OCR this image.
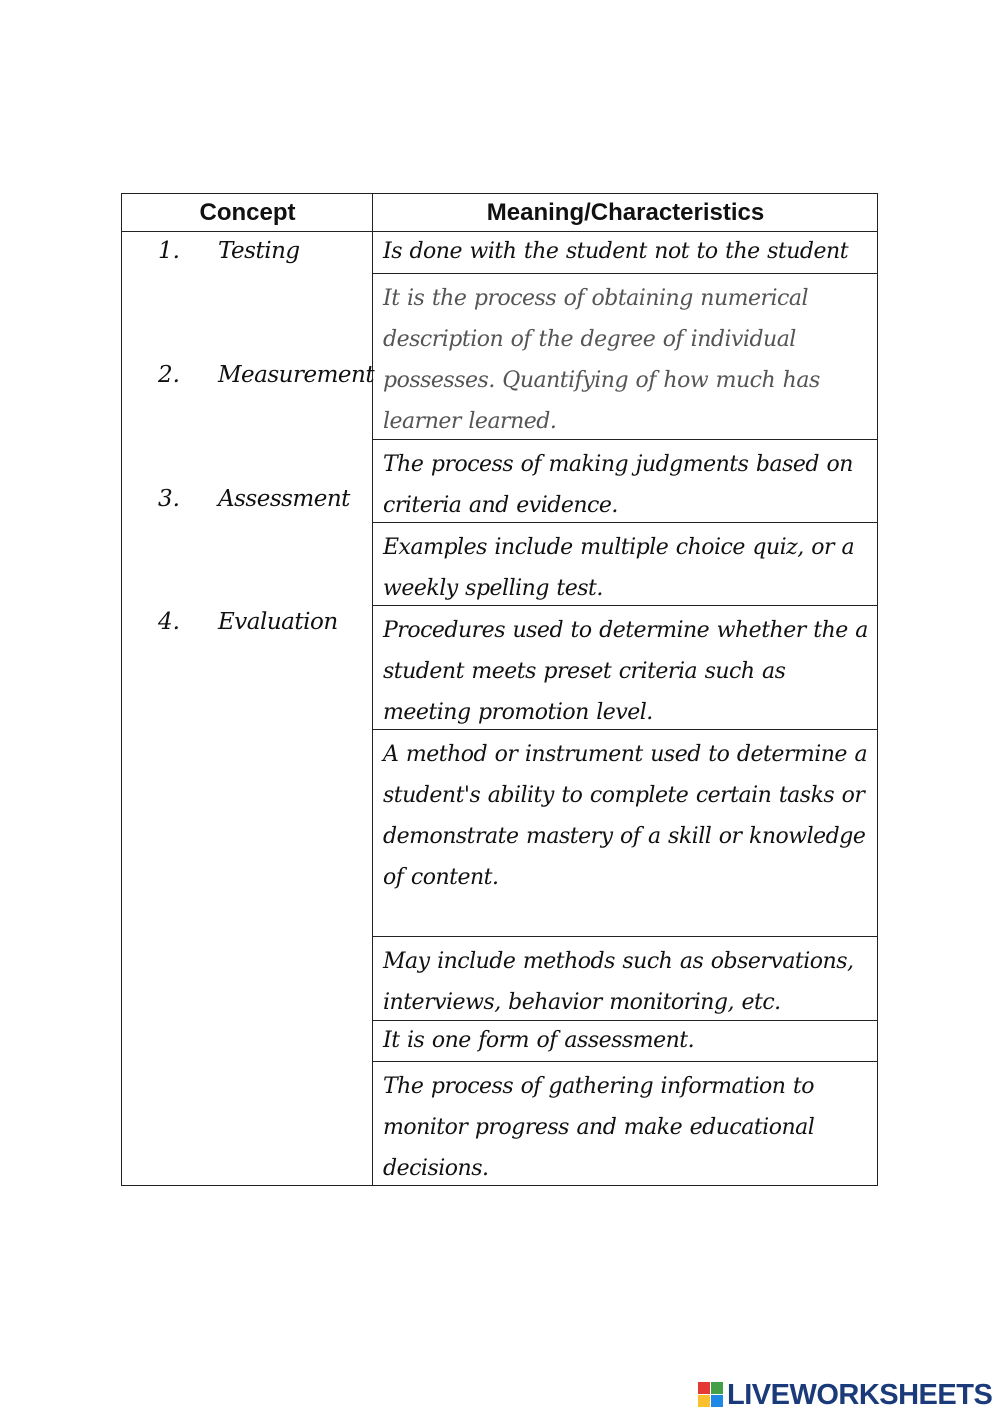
Concept	Meaning/Characteristics
1. Testing
2. Measurement
3. Assessment
4. Evaluation
Is done with the student not to the student
It is the process of obtaining numerical description of the degree of individual possesses. Quantifying of how much has learner learned.
The process of making judgments based on criteria and evidence.
Examples include multiple choice quiz, or a weekly spelling test.
Procedures used to determine whether the a student meets preset criteria such as meeting promotion level.
A method or instrument used to determine a student's ability to complete certain tasks or demonstrate mastery of a skill or knowledge of content.
May include methods such as observations, interviews, behavior monitoring, etc.
It is one form of assessment.
The process of gathering information to monitor progress and make educational decisions.
LIVEWORKSHEETS
